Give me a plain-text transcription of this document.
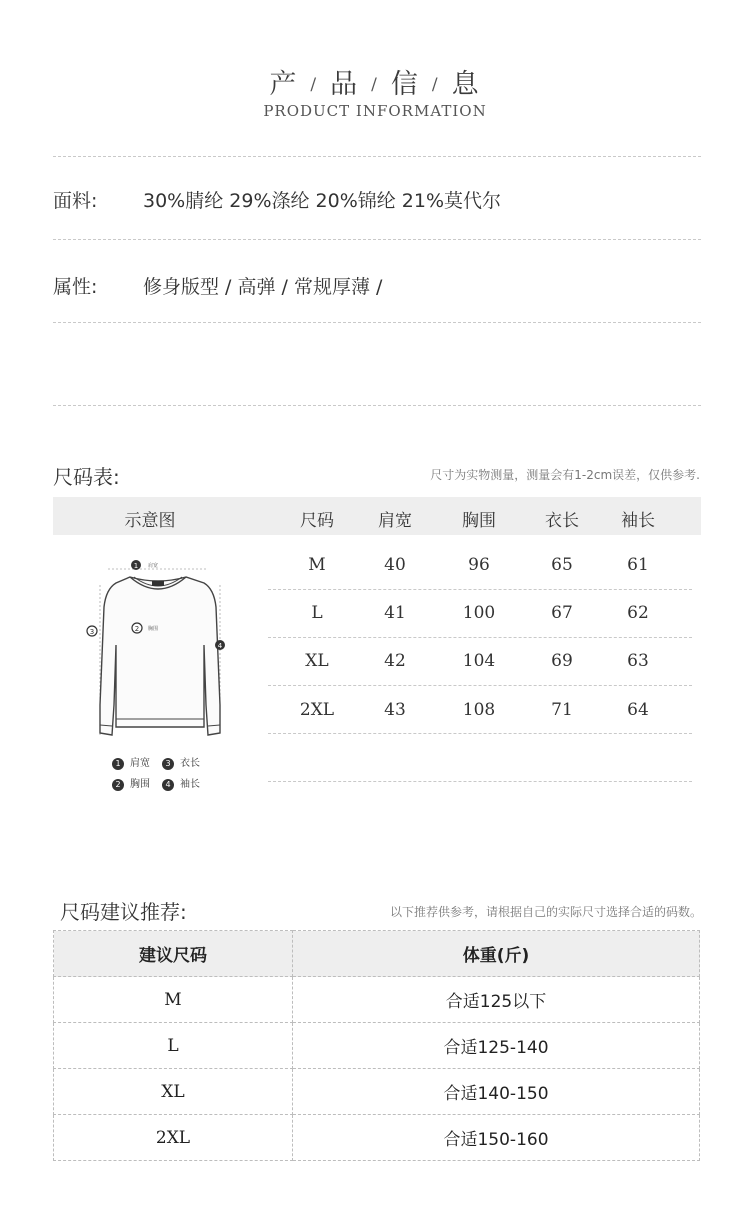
产 / 品 / 信 / 息
PRODUCT INFORMATION
面料: 30%腈纶 29%涤纶 20%锦纶 21%莫代尔
属性: 修身版型 / 高弹 / 常规厚薄 /
尺码表:	尺寸为实物测量，测量会有1-2cm误差，仅供参考.
示意图	尺码	肩宽	胸围	衣长	袖长
M	40	96	65	61
L	41	100	67	62
XL	42	104	69	63
2XL	43	108	71	64
1
2
3
4
肩宽
胸围
1 肩宽	3 衣长
2 胸围	4 袖长
尺码建议推荐:	以下推荐供参考，请根据自己的实际尺寸选择合适的码数。
建议尺码	体重(斤)
M	合适125以下
L	合适125-140
XL	合适140-150
2XL	合适150-160
